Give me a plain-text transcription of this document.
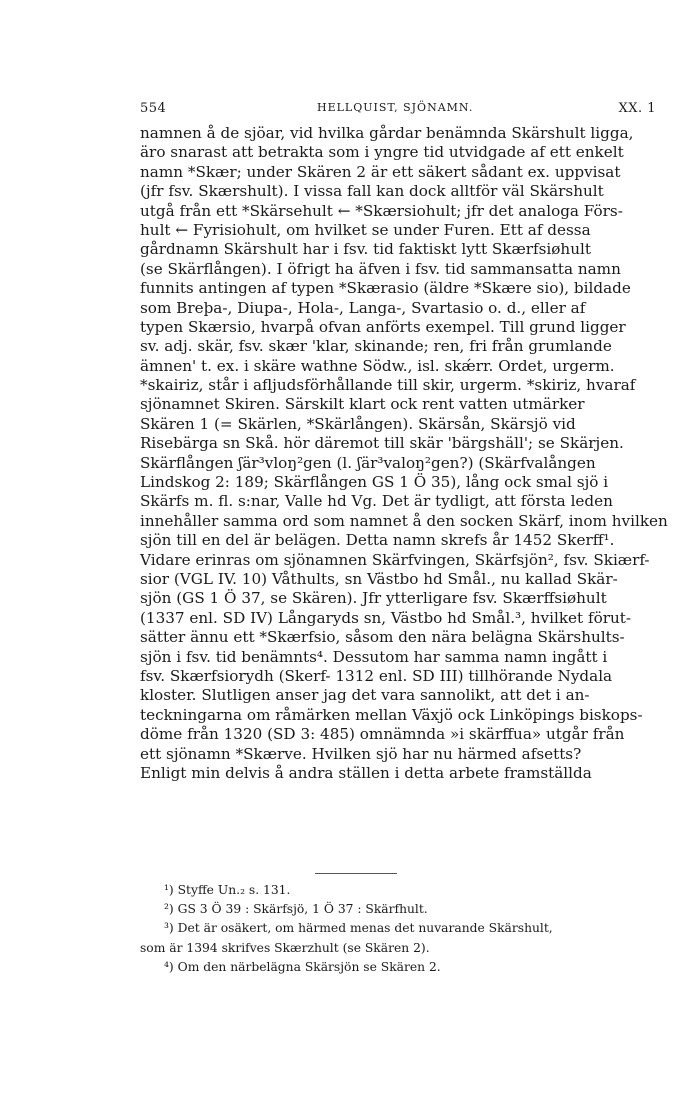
554	HELLQUIST, SJÖNAMN.	XX. 1
namnen å de sjöar, vid hvilka gårdar benämnda Skärshult ligga,
äro snarast att betrakta som i yngre tid utvidgade af ett enkelt
namn *Skær; under Skären 2 är ett säkert sådant ex. uppvisat
(jfr fsv. Skærshult). I vissa fall kan dock alltför väl Skärshult
utgå från ett *Skärsehult ← *Skærsiohult; jfr det analoga Förs-
hult ← Fyrisiohult, om hvilket se under Furen. Ett af dessa
gårdnamn Skärshult har i fsv. tid faktiskt lytt Skærfsiøhult
(se Skärflången). I öfrigt ha äfven i fsv. tid sammansatta namn
funnits antingen af typen *Skærasio (äldre *Skære sio), bildade
som Breþa-, Diupa-, Hola-, Langa-, Svartasio o. d., eller af
typen Skærsio, hvarpå ofvan anförts exempel. Till grund ligger
sv. adj. skär, fsv. skær 'klar, skinande; ren, fri från grumlande
ämnen' t. ex. i skäre wathne Södw., isl. skǽrr. Ordet, urgerm.
*skairiz, står i afljudsförhållande till skir, urgerm. *skiriz, hvaraf
sjönamnet Skiren. Särskilt klart ock rent vatten utmärker
Skären 1 (= Skärlen, *Skärlången). Skärsån, Skärsjö vid
Risebärga sn Skå. hör däremot till skär 'bärgshäll'; se Skärjen.
Skärflången ʃär³vloŋ²gen (l. ʃär³valoŋ²gen?) (Skärfvalången
Lindskog 2: 189; Skärflången GS 1 Ö 35), lång ock smal sjö i
Skärfs m. fl. s:nar, Valle hd Vg. Det är tydligt, att första leden
innehåller samma ord som namnet å den socken Skärf, inom hvilken
sjön till en del är belägen. Detta namn skrefs år 1452 Skerff¹.
Vidare erinras om sjönamnen Skärfvingen, Skärfsjön², fsv. Skiærf-
sior (VGL IV. 10) Våthults, sn Västbo hd Smål., nu kallad Skär-
sjön (GS 1 Ö 37, se Skären). Jfr ytterligare fsv. Skærffsiøhult
(1337 enl. SD IV) Långaryds sn, Västbo hd Smål.³, hvilket förut-
sätter ännu ett *Skærfsio, såsom den nära belägna Skärshults-
sjön i fsv. tid benämnts⁴. Dessutom har samma namn ingått i
fsv. Skærfsiorydh (Skerf- 1312 enl. SD III) tillhörande Nydala
kloster. Slutligen anser jag det vara sannolikt, att det i an-
teckningarna om råmärken mellan Växjö ock Linköpings biskops-
döme från 1320 (SD 3: 485) omnämnda »i skärffua» utgår från
ett sjönamn *Skærve. Hvilken sjö har nu härmed afsetts?
Enligt min delvis å andra ställen i detta arbete framställda
¹) Styffe Un.₂ s. 131.
²) GS 3 Ö 39 : Skärfsjö, 1 Ö 37 : Skärfhult.
³) Det är osäkert, om härmed menas det nuvarande Skärshult,
som är 1394 skrifves Skærzhult (se Skären 2).
⁴) Om den närbelägna Skärsjön se Skären 2.
